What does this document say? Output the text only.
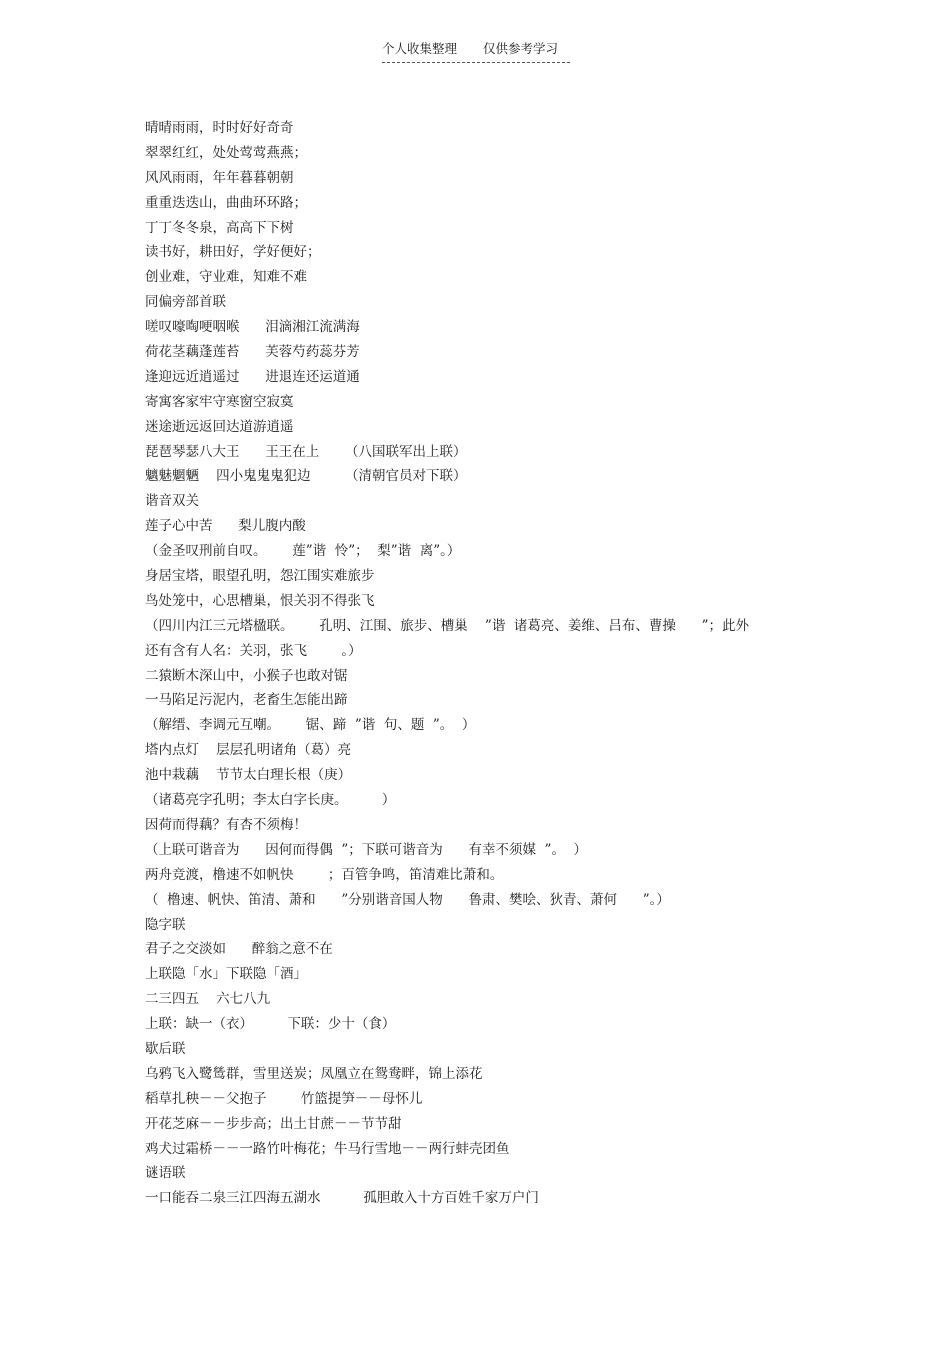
个人收集整理 仅供参考学习
晴晴雨雨，时时好好奇奇
翠翠红红，处处莺莺燕燕；
风风雨雨，年年暮暮朝朝
重重迭迭山，曲曲环环路；
丁丁冬冬泉，高高下下树
读书好，耕田好，学好便好；
创业难，守业难，知难不难
同偏旁部首联
嗟叹嚎啕哽咽喉      泪滴湘江流满海
荷花茎藕蓬莲苔      芙蓉芍药蕊芬芳
逢迎远近逍遥过      进退连还运道通
寄寓客家牢守寒窗空寂寞
迷途逝远返回达道游逍遥
琵琶琴瑟八大王      王王在上      （八国联军出上联）
魑魅魍魉    四小鬼鬼鬼犯边        （清朝官员对下联）
谐音双关
莲子心中苦      梨儿腹内酸
（金圣叹刑前自叹。      莲”谐  怜”；  梨”谐  离”。）
身居宝塔，眼望孔明，怨江围实难旅步
鸟处笼中，心思槽巢，恨关羽不得张飞
（四川内江三元塔楹联。      孔明、江围、旅步、槽巢    ”谐  诸葛亮、姜维、吕布、曹操      ”；此外
还有含有人名：关羽，张飞        。）
二猿断木深山中，小猴子也敢对锯
一马陷足污泥内，老畜生怎能出蹄
（解缙、李调元互嘲。      锯、蹄  ”谐  句、题  ”。  ）
塔内点灯    层层孔明诸角（葛）亮
池中栽藕    节节太白理长根（庚）
（诸葛亮字孔明；李太白字长庚。        ）
因荷而得藕？有杏不须梅！
（上联可谐音为      因何而得偶  ”；下联可谐音为      有幸不须媒  ”。  ）
两舟竞渡，橹速不如帆快        ；百管争鸣，笛清难比萧和。
（  橹速、帆快、笛清、萧和      ”分别谐音国人物      鲁肃、樊哙、狄青、萧何      ”。）
隐字联
君子之交淡如      醉翁之意不在
上联隐「水」下联隐「酒」
二三四五    六七八九
上联：缺一（衣）        下联：少十（食）
歇后联
乌鸦飞入鹭鸶群，雪里送炭；凤凰立在鸳鸯畔，锦上添花
稻草扎秧－－父抱子        竹篮提笋－－母怀儿
开花芝麻－－步步高；出土甘蔗－－节节甜
鸡犬过霜桥－－一路竹叶梅花；牛马行雪地－－两行蚌壳团鱼
谜语联
一口能吞二泉三江四海五湖水          孤胆敢入十方百姓千家万户门
